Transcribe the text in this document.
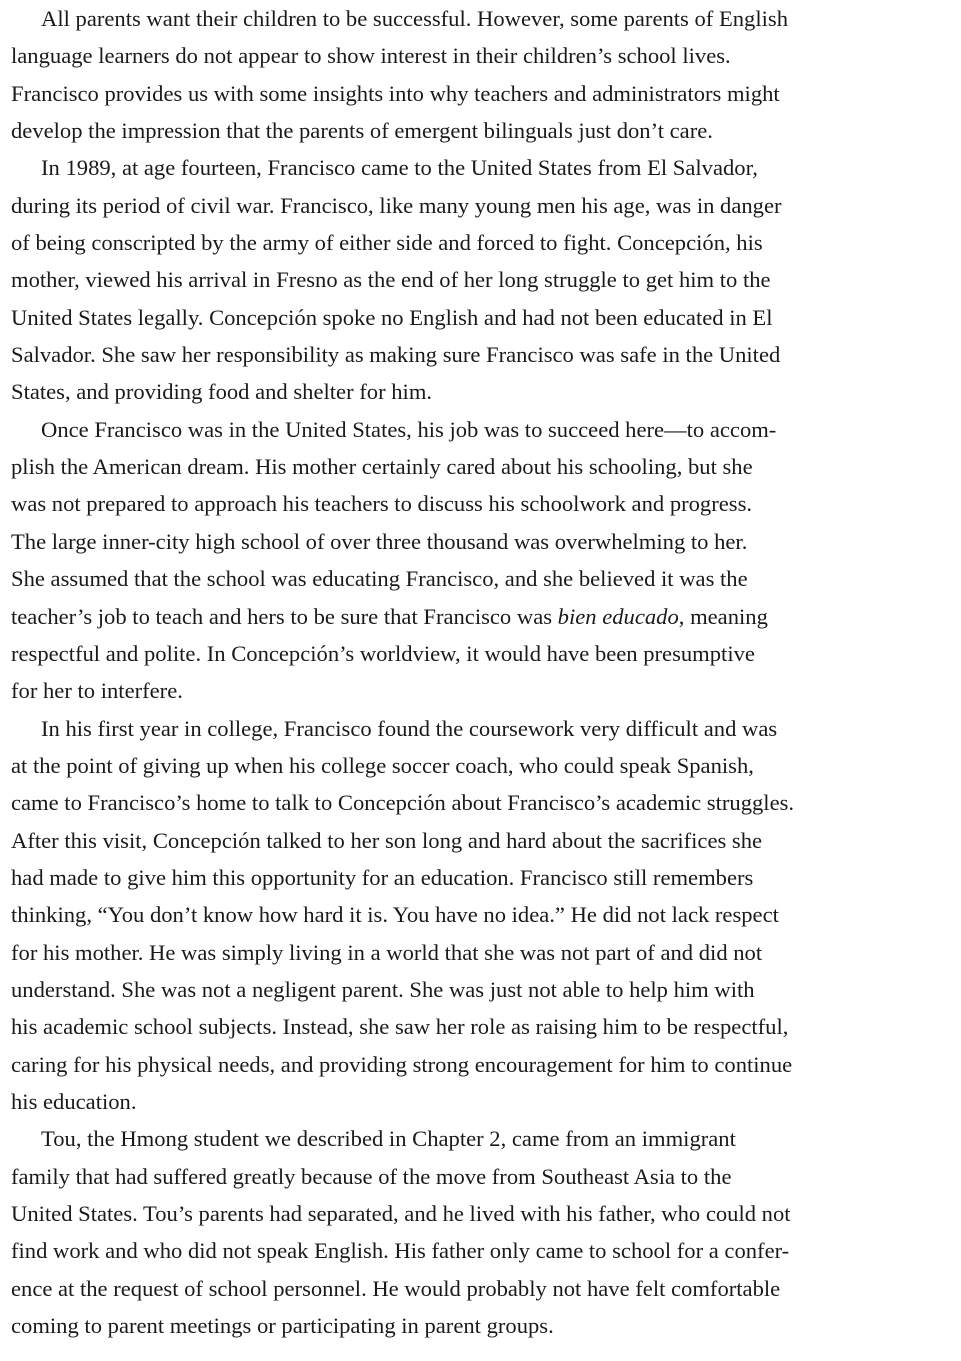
All parents want their children to be successful. However, some parents of English
language learners do not appear to show interest in their children’s school lives.
Francisco provides us with some insights into why teachers and administrators might
develop the impression that the parents of emergent bilinguals just don’t care.
In 1989, at age fourteen, Francisco came to the United States from El Salvador,
during its period of civil war. Francisco, like many young men his age, was in danger
of being conscripted by the army of either side and forced to fight. Concepción, his
mother, viewed his arrival in Fresno as the end of her long struggle to get him to the
United States legally. Concepción spoke no English and had not been educated in El
Salvador. She saw her responsibility as making sure Francisco was safe in the United
States, and providing food and shelter for him.
Once Francisco was in the United States, his job was to succeed here—to accom-
plish the American dream. His mother certainly cared about his schooling, but she
was not prepared to approach his teachers to discuss his schoolwork and progress.
The large inner-city high school of over three thousand was overwhelming to her.
She assumed that the school was educating Francisco, and she believed it was the
teacher’s job to teach and hers to be sure that Francisco was bien educado, meaning
respectful and polite. In Concepción’s worldview, it would have been presumptive
for her to interfere.
In his first year in college, Francisco found the coursework very difficult and was
at the point of giving up when his college soccer coach, who could speak Spanish,
came to Francisco’s home to talk to Concepción about Francisco’s academic struggles.
After this visit, Concepción talked to her son long and hard about the sacrifices she
had made to give him this opportunity for an education. Francisco still remembers
thinking, “You don’t know how hard it is. You have no idea.” He did not lack respect
for his mother. He was simply living in a world that she was not part of and did not
understand. She was not a negligent parent. She was just not able to help him with
his academic school subjects. Instead, she saw her role as raising him to be respectful,
caring for his physical needs, and providing strong encouragement for him to continue
his education.
Tou, the Hmong student we described in Chapter 2, came from an immigrant
family that had suffered greatly because of the move from Southeast Asia to the
United States. Tou’s parents had separated, and he lived with his father, who could not
find work and who did not speak English. His father only came to school for a confer-
ence at the request of school personnel. He would probably not have felt comfortable
coming to parent meetings or participating in parent groups.
